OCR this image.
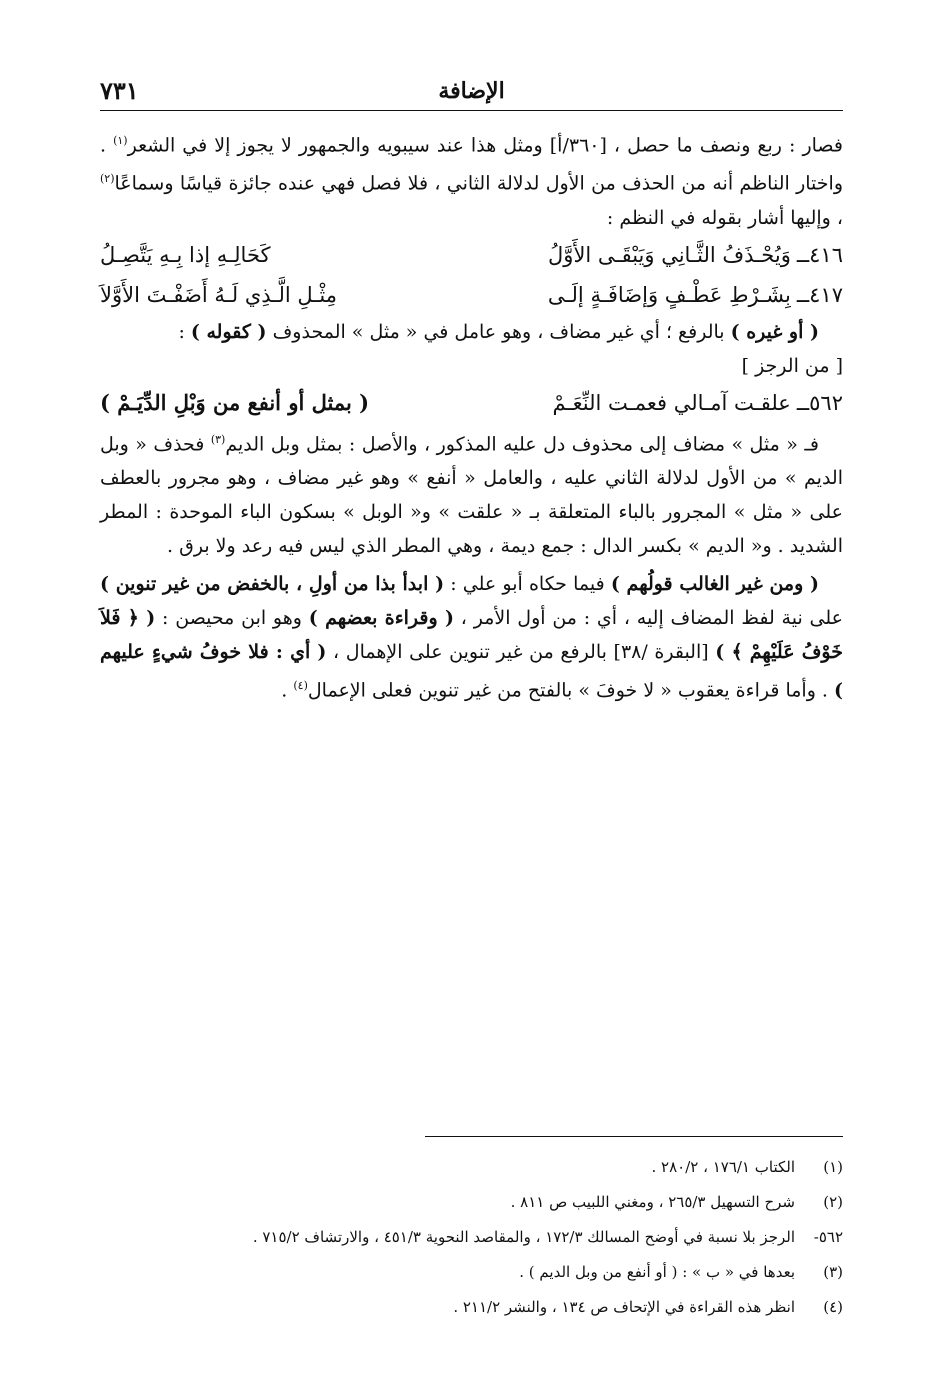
الإضافة
٧٣١

فصار : ربع ونصف ما حصل ، [٣٦٠/أ] ومثل هذا عند سيبويه والجمهور لا يجوز إلا في الشعر$^{(١)}$ . واختار الناظم أنه من الحذف من الأول لدلالة الثاني ، فلا فصل فهي عنده جائزة قياسًا وسماعًا$^{(٢)}$ ، وإليها أشار بقوله في النظم :

٤١٦ــوَيُحْـذَفُ الثَّـانِي وَيَبْقَـى الأَوَّلُ
كَحَالِـهِ إذا بِـهِ يَتَّصِـلُ
٤١٧ــبِشَـرْطِ عَطْـفٍ وَإضَافَـةٍ إلَـى
مِثْـلِ الَّـذِي لَـهُ أَضَفْـتَ الأَوَّلاَ

( أو غيره ) بالرفع ؛ أي غير مضاف ، وهو عامل في « مثل » المحذوف ( كقوله ) :

[ من الرجز ]

٥٦٢ــعلقـت آمـالي فعمـت النِّعَـمْ
( بمثل أو أنفع من وَبْلِ الدِّيَـمْ )

فـ « مثل » مضاف إلى محذوف دل عليه المذكور ، والأصل : بمثل وبل الديم$^{(٣)}$ فحذف « وبل الديم » من الأول لدلالة الثاني عليه ، والعامل « أنفع » وهو غير مضاف ، وهو مجرور بالعطف على « مثل » المجرور بالباء المتعلقة بـ « علقت » و« الوبل » بسكون الباء الموحدة : المطر الشديد . و« الديم » بكسر الدال : جمع ديمة ، وهي المطر الذي ليس فيه رعد ولا برق .

( ومن غير الغالب قولُهم ) فيما حكاه أبو علي : ( ابدأ بذا من أولِ ، بالخفض من غير تنوين ) على نية لفظ المضاف إليه ، أي : من أول الأمر ، ( وقراءة بعضهم ) وهو ابن محيصن : ( ﴿ فَلاَ خَوْفُ عَلَيْهِمْ ﴾ ) [البقرة /٣٨] بالرفع من غير تنوين على الإهمال ، ( أي : فلا خوفُ شيءٍ عليهم ) . وأما قراءة يعقوب « لا خوفَ » بالفتح من غير تنوين فعلى الإعمال$^{(٤)}$ .

(١)
الكتاب ١٧٦/١ ، ٢٨٠/٢ .
(٢)
شرح التسهيل ٢٦٥/٣ ، ومغني اللبيب ص ٨١١ .
٥٦٢-
الرجز بلا نسبة في أوضح المسالك ١٧٢/٣ ، والمقاصد النحوية ٤٥١/٣ ، والارتشاف ٧١٥/٢ .
(٣)
بعدها في « ب » : ( أو أنفع من وبل الديم ) .
(٤)
انظر هذه القراءة في الإتحاف ص ١٣٤ ، والنشر ٢١١/٢ .
